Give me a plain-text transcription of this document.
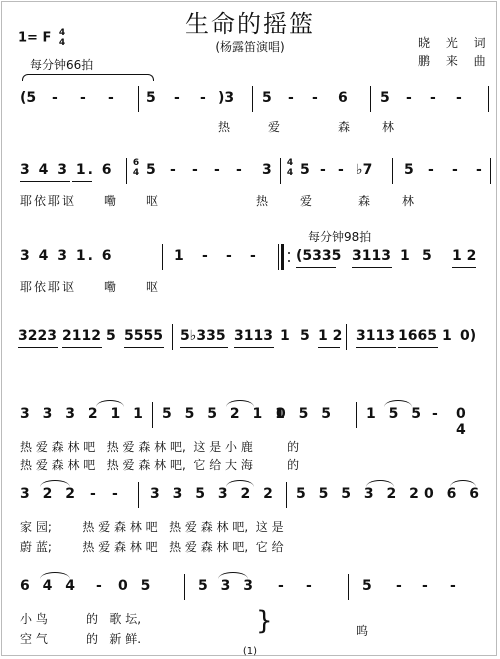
生命的摇篮
(杨露笛演唱)
1= F 4
4	晓 光 词
鹏 来 曲
每分钟66拍
(5 - - - 5 - - )3 5 - - 6 5 - - -
热	爱	森	林
3 4 3 1. 6 6
4 5 - - - - 3 4
4 5 - - ♭7 5 - - -
耶依耶讴 嘞 呕	热	爱	森	林
每分钟98拍
3 4 3 1. 6	1 - - -	(5335 3113 1 5 1 2
耶依耶讴 嘞 呕
3223 2112 5 5555 5♭335 3113 1 5 1 2 3113 1665 1 0)
3 3 3 2 1 1 5 5 5 2 1 1
0 5 5 1 5 5 - 0 4
热 爱 森 林 吧   热 爱 森 林 吧,  这 是 小 鹿         的
热 爱 森 林 吧   热 爱 森 林 吧,  它 给 大 海         的
3 2 2 - - 3 3 5 3 2 2 5 5 5 3 2 2 0 6 6
家 园;        热 爱 森 林 吧   热 爱 森 林 吧,  这 是
蔚 蓝;        热 爱 森 林 吧   热 爱 森 林 吧,  它 给
6 4 4 - 0 5	5 3 3 - -	5 - - -
小 鸟          的   歌 坛,
空 气          的   新 鲜.
}	呜
(1)
